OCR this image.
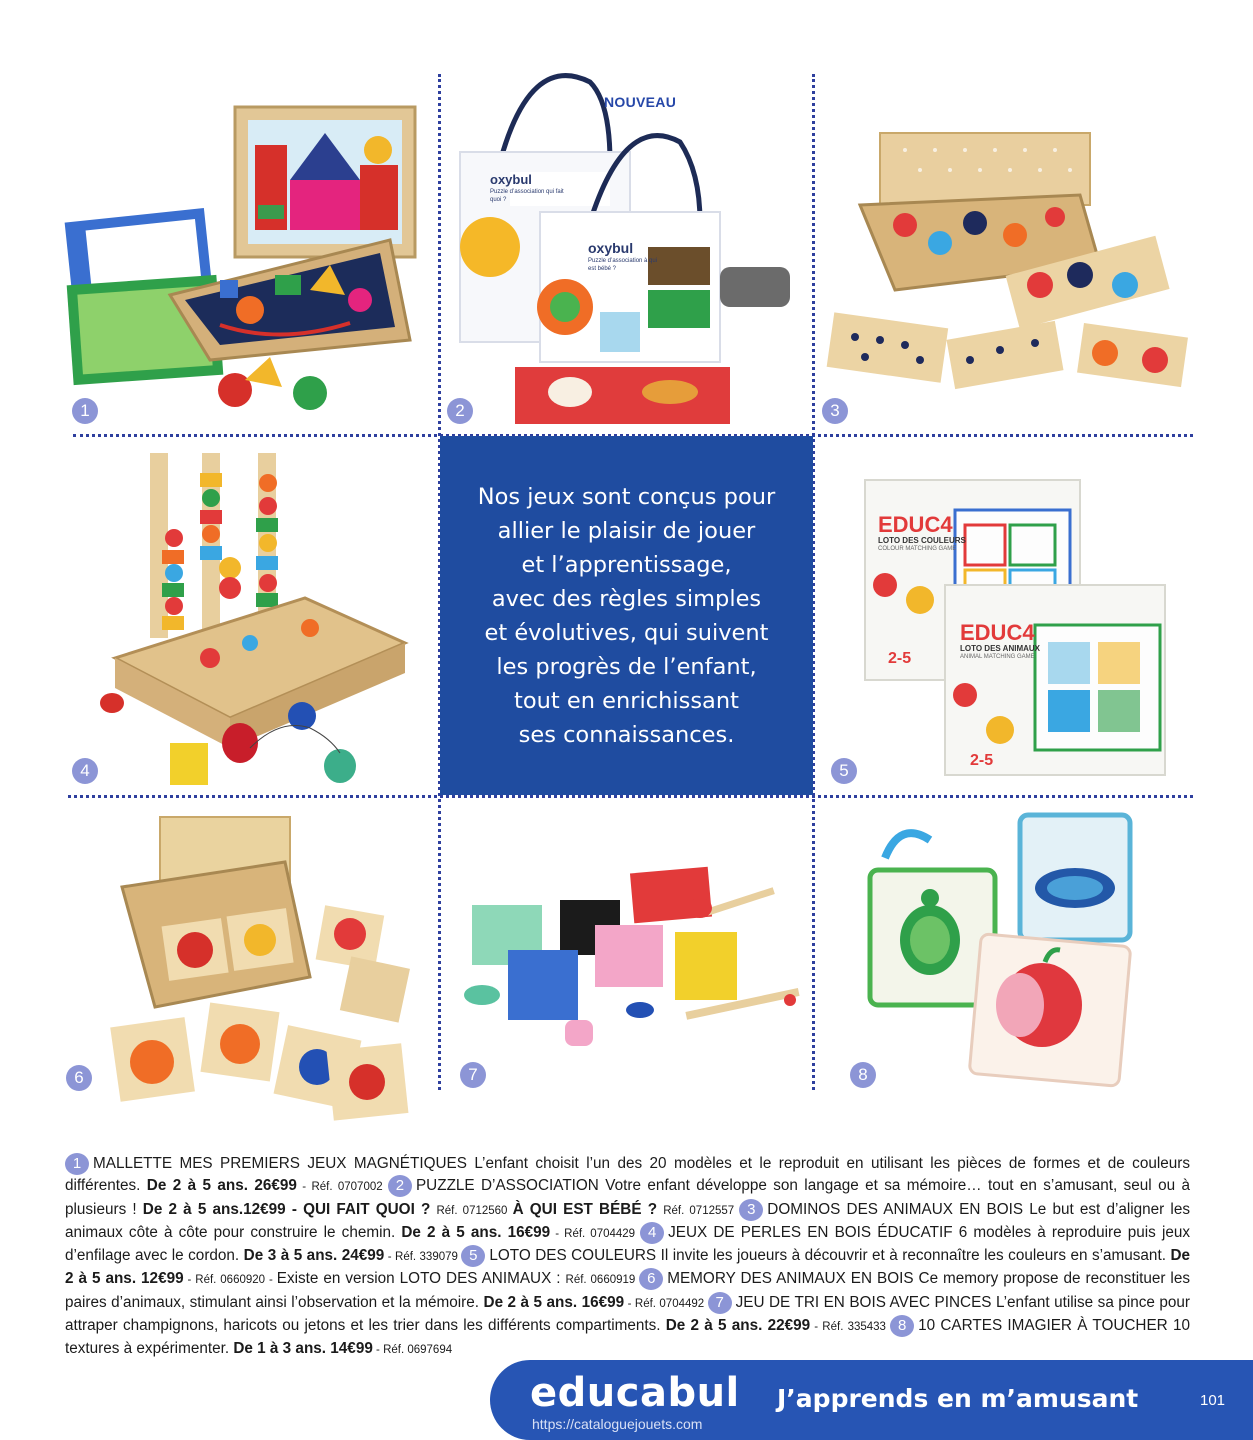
NOUVEAU
1	2	3
Nos jeux sont conçus pour
allier le plaisir de jouer
et l’apprentissage,
avec des règles simples
et évolutives, qui suivent
les progrès de l’enfant,
tout en enrichissant
ses connaissances.
EDUC4
LOTO DES COULEURS
COLOUR MATCHING GAME
2-5
EDUC4
LOTO DES ANIMAUX
ANIMAL MATCHING GAME
2-5
4	5
6	7	8
1 MALLETTE MES PREMIERS JEUX MAGNÉTIQUES L’enfant choisit l’un des 20 modèles et le reproduit en utilisant les pièces de formes et de couleurs différentes. De 2 à 5 ans. 26€99 - Réf. 0707002 2 PUZZLE D’ASSOCIATION Votre enfant développe son langage et sa mémoire… tout en s’amusant, seul ou à plusieurs ! De 2 à 5 ans.12€99 - QUI FAIT QUOI ? Réf. 0712560 À QUI EST BÉBÉ ? Réf. 0712557 3 DOMINOS DES ANIMAUX EN BOIS Le but est d’aligner les animaux côte à côte pour construire le chemin. De 2 à 5 ans. 16€99 - Réf. 0704429 4 JEUX DE PERLES EN BOIS ÉDUCATIF 6 modèles à reproduire puis jeux d’enfilage avec le cordon. De 3 à 5 ans. 24€99 - Réf. 339079 5 LOTO DES COULEURS Il invite les joueurs à découvrir et à reconnaître les couleurs en s’amusant. De 2 à 5 ans. 12€99 - Réf. 0660920 - Existe en version LOTO DES ANIMAUX : Réf. 0660919 6 MEMORY DES ANIMAUX EN BOIS Ce memory propose de reconstituer les paires d’animaux, stimulant ainsi l’observation et la mémoire. De 2 à 5 ans. 16€99 - Réf. 0704492 7 JEU DE TRI EN BOIS AVEC PINCES L’enfant utilise sa pince pour attraper champignons, haricots ou jetons et les trier dans les différents compartiments. De 2 à 5 ans. 22€99 - Réf. 335433 8 10 CARTES IMAGIER À TOUCHER 10 textures à expérimenter. De 1 à 3 ans. 14€99 - Réf. 0697694
oxybul
Puzzle d’association qui fait quoi ?
oxybul
Puzzle d’association à qui est bébé ?
educabul
https://cataloguejouets.com
J’apprends en m’amusant	101
